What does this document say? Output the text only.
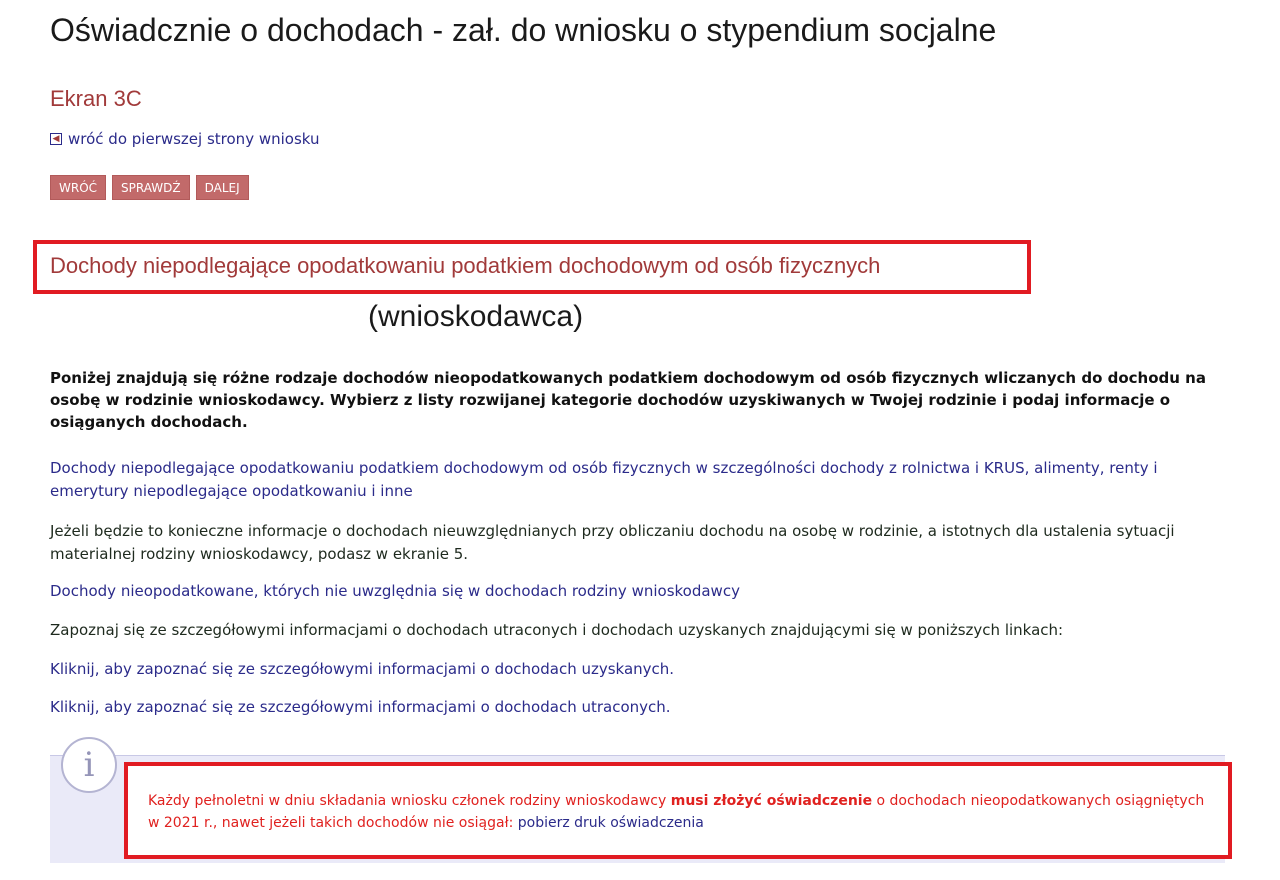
Oświadcznie o dochodach - zał. do wniosku o stypendium socjalne
Ekran 3C
◀ wróć do pierwszej strony wniosku
WRÓĆ	SPRAWDŹ	DALEJ
Dochody niepodlegające opodatkowaniu podatkiem dochodowym od osób fizycznych
(wnioskodawca)

Poniżej znajdują się różne rodzaje dochodów nieopodatkowanych podatkiem dochodowym od osób fizycznych wliczanych do dochodu na osobę w rodzinie wnioskodawcy. Wybierz z listy rozwijanej kategorie dochodów uzyskiwanych w Twojej rodzinie i podaj informacje o osiąganych dochodach.

Dochody niepodlegające opodatkowaniu podatkiem dochodowym od osób fizycznych w szczególności dochody z rolnictwa i KRUS, alimenty, renty i emerytury niepodlegające opodatkowaniu i inne

Jeżeli będzie to konieczne informacje o dochodach nieuwzględnianych przy obliczaniu dochodu na osobę w rodzinie, a istotnych dla ustalenia sytuacji materialnej rodziny wnioskodawcy, podasz w ekranie 5.

Dochody nieopodatkowane, których nie uwzględnia się w dochodach rodziny wnioskodawcy

Zapoznaj się ze szczegółowymi informacjami o dochodach utraconych i dochodach uzyskanych znajdującymi się w poniższych linkach:

Kliknij, aby zapoznać się ze szczegółowymi informacjami o dochodach uzyskanych.

Kliknij, aby zapoznać się ze szczegółowymi informacjami o dochodach utraconych.

i

Każdy pełnoletni w dniu składania wniosku członek rodziny wnioskodawcy musi złożyć oświadczenie o dochodach nieopodatkowanych osiągniętych w 2021 r., nawet jeżeli takich dochodów nie osiągał: pobierz druk oświadczenia
